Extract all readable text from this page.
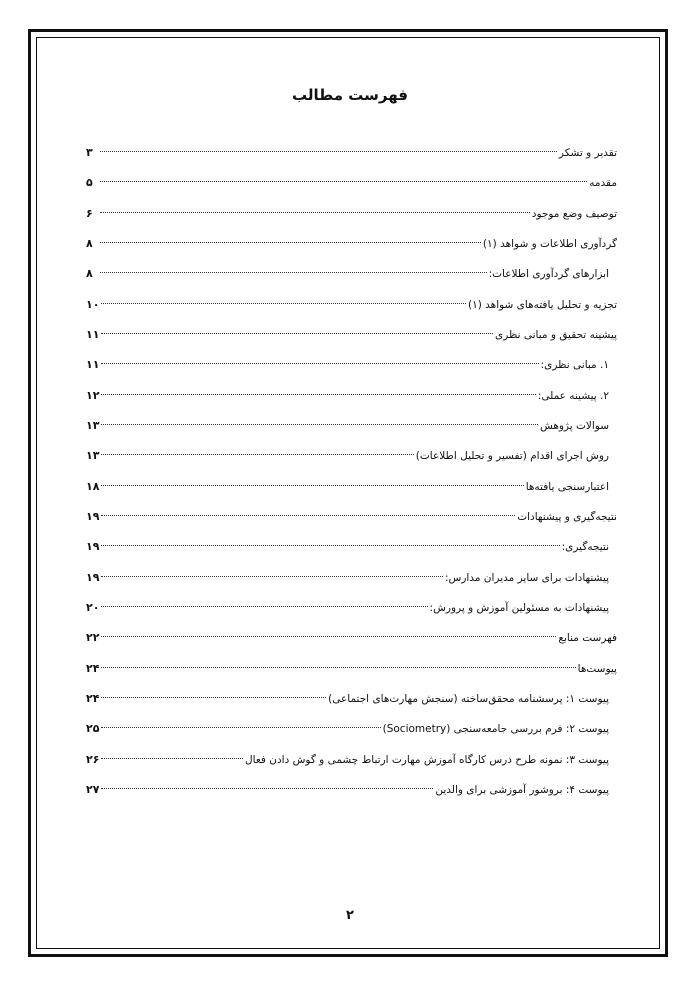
فهرست مطالب
تقدیر و تشکر
۳
مقدمه
۵
توصیف وضع موجود
۶
گردآوری اطلاعات و شواهد (۱)
۸
ابزارهای گردآوری اطلاعات:
۸
تجزیه و تحلیل یافته‌های شواهد (۱)
۱۰
پیشینه تحقیق و مبانی نظری
۱۱
۱. مبانی نظری:
۱۱
۲. پیشینه عملی:
۱۲
سوالات پژوهش
۱۳
روش اجرای اقدام (تفسیر و تحلیل اطلاعات)
۱۳
اعتبارسنجی یافته‌ها
۱۸
نتیجه‌گیری و پیشنهادات
۱۹
نتیجه‌گیری:
۱۹
پیشنهادات برای سایر مدیران مدارس:
۱۹
پیشنهادات به مسئولین آموزش و پرورش:
۲۰
فهرست منابع
۲۲
پیوست‌ها
۲۴
پیوست ۱: پرسشنامه محقق‌ساخته (سنجش مهارت‌های اجتماعی)
۲۴
پیوست ۲: فرم بررسی جامعه‌سنجی (Sociometry)
۲۵
پیوست ۳: نمونه طرح درس کارگاه آموزش مهارت ارتباط چشمی و گوش دادن فعال
۲۶
پیوست ۴: بروشور آموزشی برای والدین
۲۷
۲
